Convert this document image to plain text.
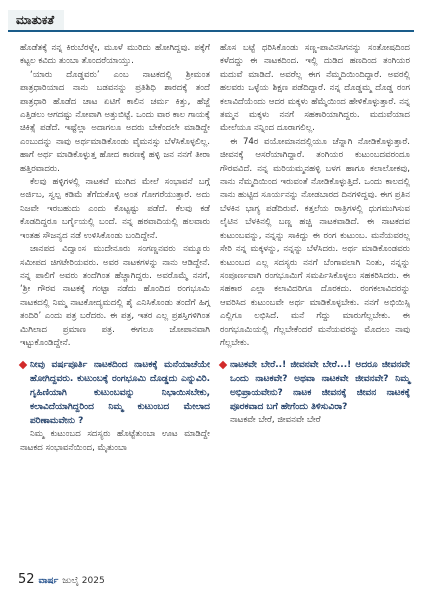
ಮಾತುಕತೆ

ಹೊಡೆತಕ್ಕೆ ನನ್ನ ಕಿರುಬೆರಳ್ನೇ, ಮೂಳೆ ಮುರಿದು ಹೋಗಿದ್ದವು. ಪಕ್ಕೆಗೆ ಕಟ್ಟಲ ಕವಿದು ತುಂಬಾ ತೊಂದರೆಯಾಯ್ತು.

‘ಯಾರು ದೊಡ್ಡವರು’ ಎಂಬ ನಾಟಕದಲ್ಲಿ ಶ್ರೀಮಂತ ಪಾತ್ರಧಾರಿಯಾದ ನಾನು ಬಡವನನ್ನು ಪ್ರತಿಶಿಧಿ ಶಾರದಕ್ಕೆ ತಂದೆ ಪಾತ್ರಧಾರಿ ಹೊಡೆದ ಚಾಟ ಏಟಿಗೆ ಕಾಲಿನ ಚರ್ಮ ಕಿತ್ತು, ಹೆಜ್ಜೆ ಎತ್ತಿಡಲು ಆಗದಷ್ಟು ನೋವಾಗಿ ಅತ್ತುಬಿಟ್ಟೆ. ಒಂದು ವಾರ ಕಾಲ ಗಾಯಕ್ಕೆ ಚಿಕಿತ್ಸೆ ಪಡೆದೆ. ಇಷ್ಟೆಲ್ಲಾ ಅದಾಗಲೂ ಅದರು ಬೇಕೆಂದಲೇ ಮಾಡಿದ್ದೇ ಎಂಬುದನ್ನು ನಾವು ಅರ್ಥಮಾಡಿಕೊಂಡು ವೈಮನಸ್ಸು ಬೆಳೆಸಿಕೊಳ್ಳಲಿಲ್ಲ. ಹಾಗೆ ಅರ್ಥ ಮಾಡಿಕೊಳ್ಳುತ್ತ ಹೋದ ಕಾರಣಕ್ಕೆ ಹಳ್ಳಿ ಜನ ನನಗೆ ತೀರಾ ಹತ್ತಿರವಾದರು.

ಕೆಲವು ಹಳ್ಳಿಗಳಲ್ಲಿ ನಾಟಕವೆ ಮುಗಿದ ಮೇಲೆ ಸಂಭಾವನೆ ಬಗ್ಗೆ ಅರ್ಜಿಬ, ಸ್ವಲ್ಪ ಕಡಿಮೆ ತೆಗೆದುಕೊಳ್ಳಿ ಅಂತ ಗೋಗರೆಯುತ್ತಾರೆ. ಅದು ನಿಜವೇ ಇರಬಹುದು ಎಂದು ಕೊಟ್ಟಷ್ಟು ಪಡೆದೆ. ಕೆಲವು ಕಡೆ ಕೊಡದಿದ್ದರೂ ಬರ್ಗೈಯಲ್ಲಿ ಬಂದೆ. ನನ್ನ ಹಠವಾದಿಯಲ್ಲಿ ಹಲವಾರು ಇಂತಹ ಸೌಜನ್ಯದ ನಡೆ ಉಳಿಸಿಕೊಂಡು ಬಂದಿದ್ದೇನೆ.

ಜಾನಪದ ವಿದ್ವಾಂಸ ಮುದೇನೂರು ಸಂಗಣ್ಣನವರು ನಮ್ಮೂರು ಸಮೀಪದ ಚಿಗಟೇರಿಯವರು. ಅವರ ನಾಟಕಗಳನ್ನು ನಾನು ಆಡಿದ್ದೇನೆ. ನನ್ನ ಪಾಲಿಗೆ ಅವರು ತಂದೆಗಿಂತ ಹೆಚ್ಚಾಗಿದ್ದರು. ಅವರೊಮ್ಮೆ ನನಗೆ, ‘ಶ್ರೀ ಗೌರವ ನಾಟಕಕ್ಕೆ ಗಂಟ್ಟಾ ನಡೆದು ಹೊಂದಿದ ರಂಗಭೂಮಿ ನಾಟಕದಲ್ಲಿ ನಿಮ್ಮ ನಾಟಕೋದ್ಯಮದಲ್ಲಿ ಶೈ ಎನಿಸಿಕೊಂಡು ತಂದೆಗೆ ಹಿಗ್ಗ ತಂದಿರಿ’ ಎಂದು ಪತ್ರ ಬರೆದರು. ಈ ಪತ್ರ, ಇತರ ಎಲ್ಲ ಪ್ರಶಸ್ತಿಗಳಿಗಿಂತ ಮಿಗಿಲಾದ ಪ್ರಮಾಣ ಪತ್ರ. ಈಗಲೂ ಜೋಪಾನವಾಗಿ ಇಟ್ಟುಕೊಂಡಿದ್ದೇನೆ.

ನೀವು ವರ್ಷಪೂರ್ತಿ ನಾಟಕದಿಂದ ನಾಟಕಕ್ಕೆ ಮನೆಯಾಚೆಯೇ ಹೋಗಿದ್ದವರು. ಕುಟುಂಬಕ್ಕೆ ರಂಗಭೂಮಿ ದೊಡ್ಡದು ಎನ್ನುವಿರಿ. ಗೃಹಿಣಿಯಾಗಿ ಕುಟುಂಬವನ್ನು ನಿಭಾಯಿಸಬೇಕು, ಕಲಾವಿದೆಯಾಗಿದ್ದರಿಂದ ನಿಮ್ಮ ಕುಟುಂಬದ ಮೇಲಾದ ಪರಿಣಾಮವೇನು ?

ನಿಮ್ಮ ಕುಟುಂಬದ ಸದಸ್ಯರು ಹೊಟ್ಟೆತುಂಬಾ ಊಟ ಮಾಡಿದ್ದೇ ನಾಟಕದ ಸಂಭಾವನೆಯಿಂದ, ಮೈತುಂಬಾ

ಹೊಸ ಬಟ್ಟೆ ಧರಿಸಿಕೊಂಡು ಸಣ್ಣ-ಪಾವಿನಸಿಗನನ್ನು ಸಂತೋಷದಿಂದ ಕಳೆದದ್ದು ಈ ನಾಟಕದಿಂದ. ಇಲ್ಲಿ ದುಡಿದ ಹಣದಿಂದ ತಂಗಿಯರ ಮದುವೆ ಮಾಡಿದೆ. ಅವರೆಲ್ಲ ಈಗ ನೆಮ್ಮದಿಯಿಂದಿದ್ದಾರೆ. ಅವರಲ್ಲಿ ಹಲವರು ಒಳ್ಳೆಯ ಶಿಕ್ಷಣ ಪಡೆದಿದ್ದಾರೆ. ನನ್ನ ದೊಡ್ಡಮ್ಮ ದೊಡ್ಡ ರಂಗ ಕಲಾವಿದೆಯೆಂದು ಆದರ ಮಕ್ಕಳು ಹೆಮ್ಮೆಯಿಂದ ಹೇಳಿಕೊಳ್ಳುತ್ತಾರೆ. ನನ್ನ ತಮ್ಮನ ಮಕ್ಕಳು ನನಗೆ ಸಹಕಾರಿಯಾಗಿದ್ದರು. ಮದುವೆಯಾದ ಮೇಲೆಯೂ ನನ್ನಿಂದ ದೂರಾಗಲಿಲ್ಲ.

ಈ 74ರ ವಯೋಮಾನದಲ್ಲಿಯೂ ಚೆನ್ನಾಗಿ ನೋಡಿಕೊಳ್ಳುತ್ತಾರೆ. ಜೀವನಕ್ಕೆ ಆಸರೆಯಾಗಿದ್ದಾರೆ. ತಂಗಿಯರ ಕುಟುಂಬದವರಂದೂ ಗೌರವವಿದೆ. ನನ್ನ ಮರಿಯಮ್ಮನಹಳ್ಳಿ ಬಳಗ ಹಾಗೂ ಕಲಾಲೋಕವು, ನಾನು ನೆಮ್ಮದಿಯಿಂದ ಇರುವಂತೆ ನೋಡಿಕೊಳ್ಳುತ್ತಿದೆ. ಒಂದು ಕಾಲದಲ್ಲಿ ನಾನು ಹುಟ್ಟಿದ ಸೂರ್ಯನನ್ನು ನೋಡಬಾರದ ದಿನಗಳಿದ್ದವು. ಈಗ ಪ್ರತಿನ ಬೆಳಕಿನ ಭಾಗ್ಯ ಪಡೆದಿರುವೆ. ಕತ್ತಲೆಯ ರಾತ್ರಿಗಳಲ್ಲಿ ಧುಗಮುಗಿಸುವ ಲೈಟಿನ ಬೆಳಕಿನಲ್ಲಿ ಬಣ್ಣ ಹಚ್ಚಿ ನಾಟಕವಾಡಿದೆ. ಈ ನಾಟಕದವ ಕುಟುಂಬವನ್ನು, ನನ್ನನ್ನು ಸಾಕಿದ್ದು ಈ ರಂಗ ಕುಟುಂಬ. ಮನೆಯವರಲ್ಲ ಸೇರಿ ನನ್ನ ಮಕ್ಕಳನ್ನು, ನನ್ನನ್ನು ಬೆಳೆಸಿದರು. ಅರ್ಥ ಮಾಡಿಕೊಂಡವರು ಕುಟುಂಬದ ಎಲ್ಲ ಸದಸ್ಯರು ನನಗೆ ಬೆಂಗಾವಲಾಗಿ ನಿಂತು, ನನ್ನನ್ನು ಸಂಪೂರ್ಣವಾಗಿ ರಂಗಭೂಮಿಗೆ ಸಮರ್ಪಿಸಿಕೊಳ್ಳಲು ಸಹಕರಿಸಿದರು. ಈ ಸಹಕಾರ ಎಲ್ಲಾ ಕಲಾವಿದರಿಗೂ ದೊರಕದು. ರಂಗಕಲಾವಿದರನ್ನು ಆವರಿಸಿದ ಕುಟುಂಬವೇ ಅರ್ಥ ಮಾಡಿಕೊಳ್ಳಬೇಕು. ನನಗೆ ಅಭಿಯಿಸ್ಸಿ ಎಲ್ಲಿಗೂ ಲಭಿಸಿದೆ. ಮನೆ ಗೆದ್ದು ಮಾರುಗೆಲ್ಲಬೇಕು. ಈ ರಂಗಭೂಮಿಯಲ್ಲಿ ಗೆಲ್ಲಬೇಕೆಂದರೆ ಮನೆಯವರನ್ನು ಮೊದಲು ನಾವು ಗೆಲ್ಲಬೇಕು.

ನಾಟಕವೇ ಬೇರೆ..! ಜೀವನವೇ ಬೇರೆ...! ಅದರೂ ಜೀವನವೇ ಒಂದು ನಾಟಕವೇ? ಅಥವಾ ನಾಟಕವೇ ಜೀವನವೇ? ನಿಮ್ಮ ಅಭಿಪ್ರಾಯವೇನು? ನಾಟಕ ಜೀವನಕ್ಕೆ ಜೀವನ ನಾಟಕಕ್ಕೆ ಪೂರಕವಾದ ಬಗೆ ಹೇಗೆಂದು ತಿಳಿಸುವಿರಾ?

ನಾಟಕವೇ ಬೇರೆ, ಜೀವನವೇ ಬೇರೆ

52 ವಾರ್ಷ ಜುಲೈ 2025
